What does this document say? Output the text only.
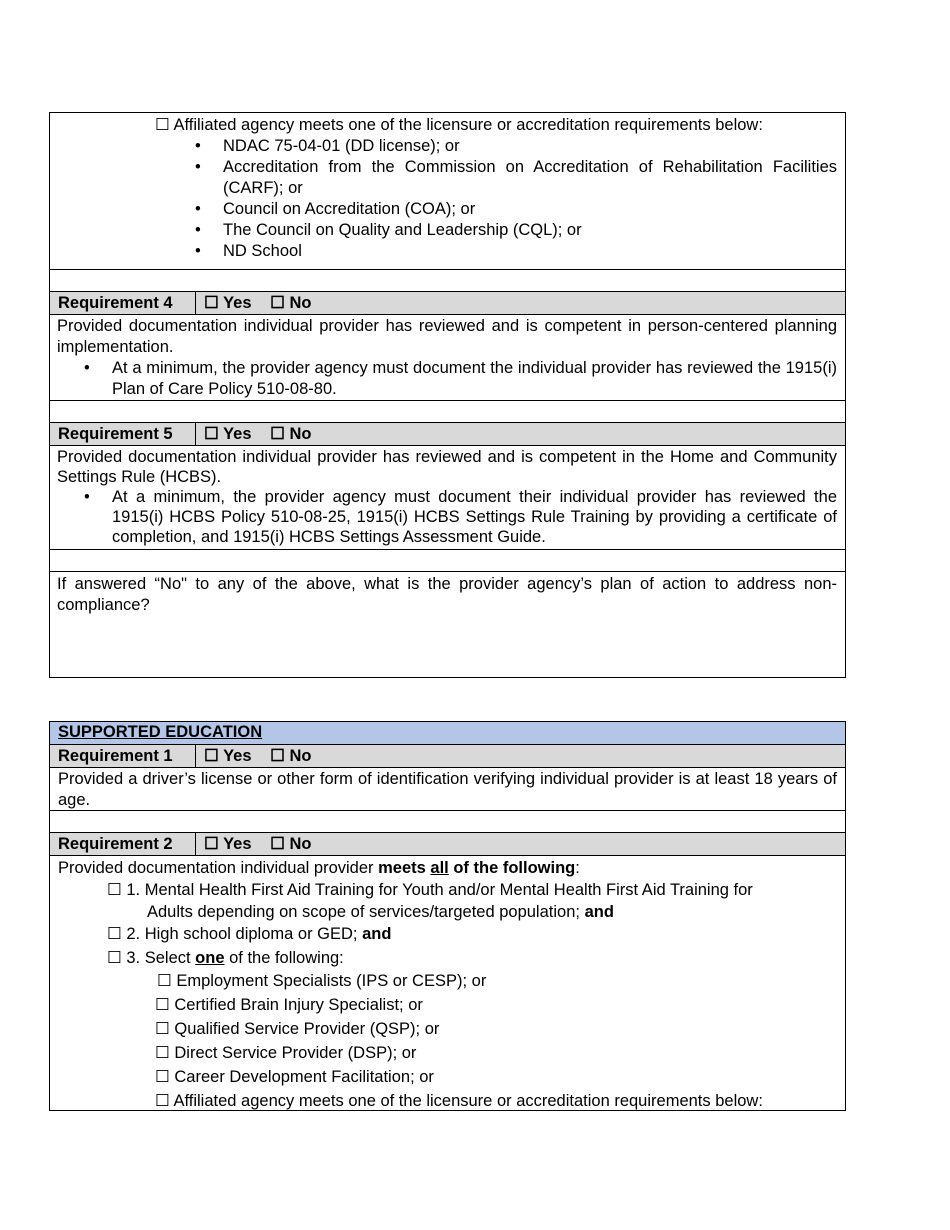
☐ Affiliated agency meets one of the licensure or accreditation requirements below:
• NDAC 75-04-01 (DD license); or
• Accreditation from the Commission on Accreditation of Rehabilitation Facilities (CARF); or
• Council on Accreditation (COA); or
• The Council on Quality and Leadership (CQL); or
• ND School
Requirement 4	☐ Yes ☐ No
Provided documentation individual provider has reviewed and is competent in person-centered planning implementation.
• At a minimum, the provider agency must document the individual provider has reviewed the 1915(i) Plan of Care Policy 510-08-80.
Requirement 5	☐ Yes ☐ No
Provided documentation individual provider has reviewed and is competent in the Home and Community Settings Rule (HCBS).
• At a minimum, the provider agency must document their individual provider has reviewed the 1915(i) HCBS Policy 510-08-25, 1915(i) HCBS Settings Rule Training by providing a certificate of completion, and 1915(i) HCBS Settings Assessment Guide.
If answered “No" to any of the above, what is the provider agency’s plan of action to address non-compliance?
SUPPORTED EDUCATION
Requirement 1	☐ Yes ☐ No
Provided a driver’s license or other form of identification verifying individual provider is at least 18 years of age.
Requirement 2	☐ Yes ☐ No
Provided documentation individual provider meets all of the following:
☐ 1. Mental Health First Aid Training for Youth and/or Mental Health First Aid Training for
Adults depending on scope of services/targeted population; and
☐ 2. High school diploma or GED; and
☐ 3. Select one of the following:
☐ Employment Specialists (IPS or CESP); or
☐ Certified Brain Injury Specialist; or
☐ Qualified Service Provider (QSP); or
☐ Direct Service Provider (DSP); or
☐ Career Development Facilitation; or
☐ Affiliated agency meets one of the licensure or accreditation requirements below:
